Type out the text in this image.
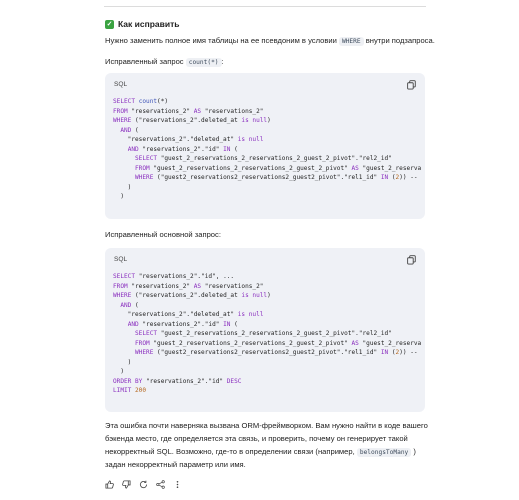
✓ Как исправить
Нужно заменить полное имя таблицы на ее псевдоним в условии WHERE внутри подзапроса.
Исправленный запрос count(*) :
SQL
SELECT count(*)
FROM "reservations_2" AS "reservations_2"
WHERE ("reservations_2".deleted_at is null)
AND (
"reservations_2"."deleted_at" is null
AND "reservations_2"."id" IN (
SELECT "guest_2_reservations_2_reservations_2_guest_2_pivot"."rel2_id"
FROM "guest_2_reservations_2_reservations_2_guest_2_pivot" AS "guest_2_reserva
WHERE ("guest2_reservations2_reservations2_guest2_pivot"."rel1_id" IN (2)) --
)
)
Исправленный основной запрос:
SQL
SELECT "reservations_2"."id", ...
FROM "reservations_2" AS "reservations_2"
WHERE ("reservations_2".deleted_at is null)
AND (
"reservations_2"."deleted_at" is null
AND "reservations_2"."id" IN (
SELECT "guest_2_reservations_2_reservations_2_guest_2_pivot"."rel2_id"
FROM "guest_2_reservations_2_reservations_2_guest_2_pivot" AS "guest_2_reserva
WHERE ("guest2_reservations2_reservations2_guest2_pivot"."rel1_id" IN (2)) --
)
)
ORDER BY "reservations_2"."id" DESC
LIMIT 200
Эта ошибка почти наверняка вызвана ORM-фреймворком. Вам нужно найти в коде вашего
бэкенда место, где определяется эта связь, и проверить, почему он генерирует такой
некорректный SQL. Возможно, где-то в определении связи (например, belongsToMany )
задан некорректный параметр или имя.
